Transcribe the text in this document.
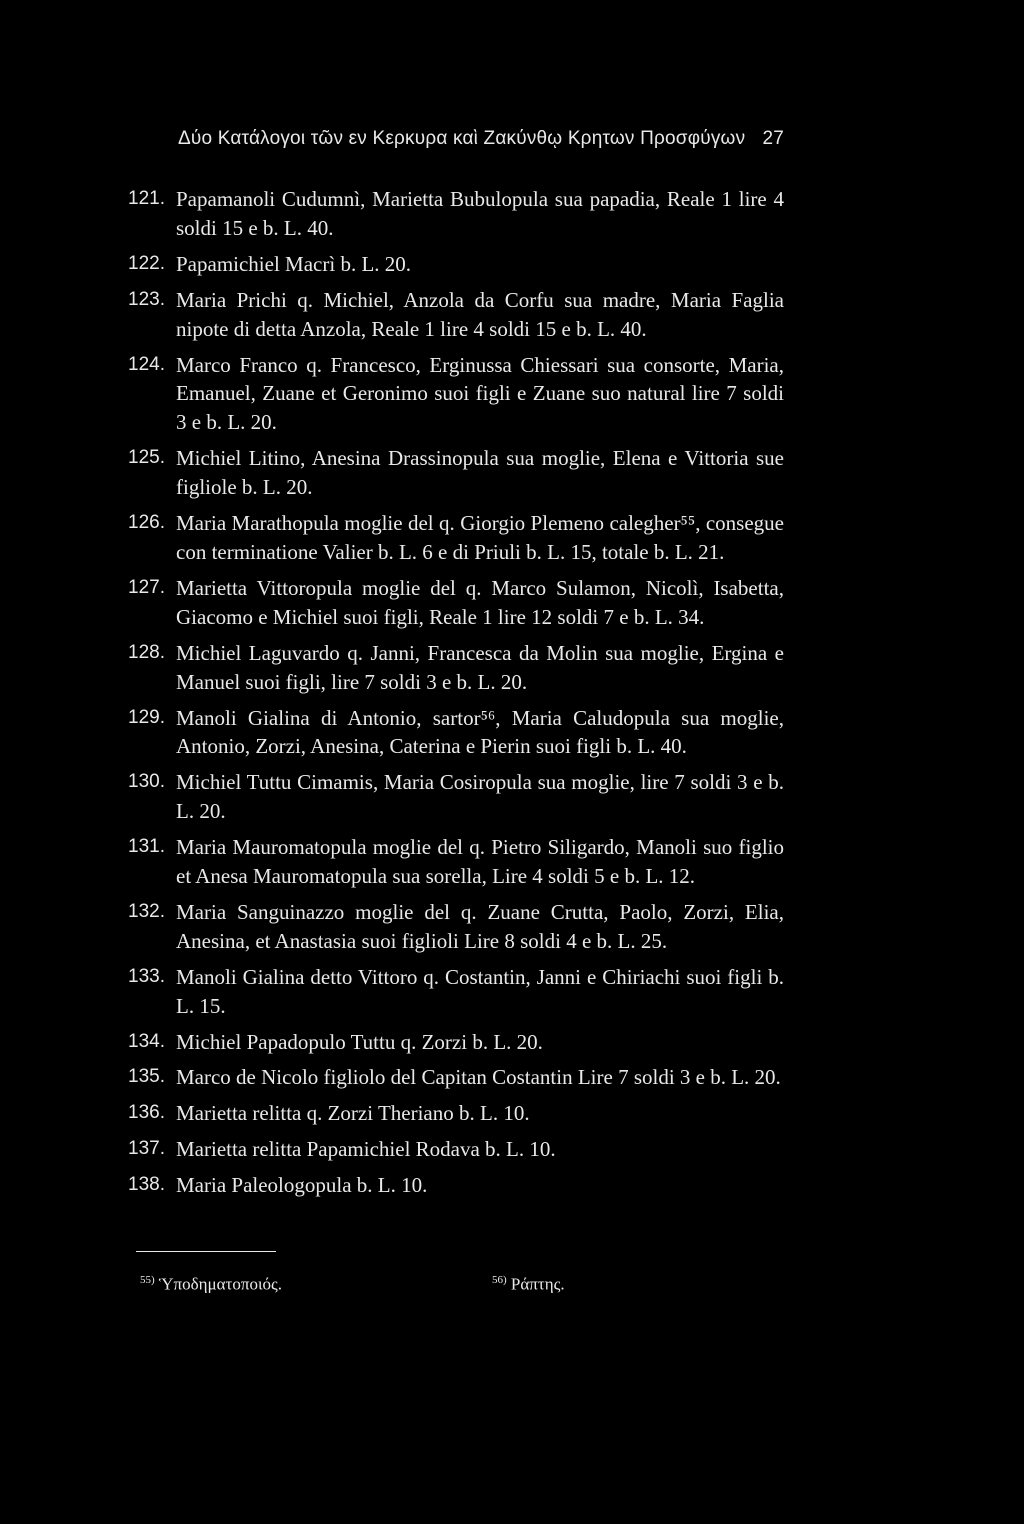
Δύο Κατάλογοι τῶν εν Κερκυρα καὶ Ζακύνθῳ Κρητων Προσφύγων 27
121. Papamanoli Cudumnì, Marietta Bubulopula sua papadia, Reale 1 lire 4 soldi 15 e b. L. 40.
122. Papamichiel Macrì b. L. 20.
123. Maria Prichi q. Michiel, Anzola da Corfu sua madre, Maria Faglia nipote di detta Anzola, Reale 1 lire 4 soldi 15 e b. L. 40.
124. Marco Franco q. Francesco, Erginussa Chiessari sua consorte, Maria, Emanuel, Zuane et Geronimo suoi figli e Zuane suo natural lire 7 soldi 3 e b. L. 20.
125. Michiel Litino, Anesina Drassinopula sua moglie, Elena e Vittoria sue figliole b. L. 20.
126. Maria Marathopula moglie del q. Giorgio Plemeno calegher⁵⁵, consegue con terminatione Valier b. L. 6 e di Priuli b. L. 15, totale b. L. 21.
127. Marietta Vittoropula moglie del q. Marco Sulamon, Nicolì, Isabetta, Giacomo e Michiel suoi figli, Reale 1 lire 12 soldi 7 e b. L. 34.
128. Michiel Laguvardo q. Janni, Francesca da Molin sua moglie, Ergina e Manuel suoi figli, lire 7 soldi 3 e b. L. 20.
129. Manoli Gialina di Antonio, sartor⁵⁶, Maria Caludopula sua moglie, Antonio, Zorzi, Anesina, Caterina e Pierin suoi figli b. L. 40.
130. Michiel Tuttu Cimamis, Maria Cosiropula sua moglie, lire 7 soldi 3 e b. L. 20.
131. Maria Mauromatopula moglie del q. Pietro Siligardo, Manoli suo figlio et Anesa Mauromatopula sua sorella, Lire 4 soldi 5 e b. L. 12.
132. Maria Sanguinazzo moglie del q. Zuane Crutta, Paolo, Zorzi, Elia, Anesina, et Anastasia suoi figlioli Lire 8 soldi 4 e b. L. 25.
133. Manoli Gialina detto Vittoro q. Costantin, Janni e Chiriachi suoi figli b. L. 15.
134. Michiel Papadopulo Tuttu q. Zorzi b. L. 20.
135. Marco de Nicolo figliolo del Capitan Costantin Lire 7 soldi 3 e b. L. 20.
136. Marietta relitta q. Zorzi Theriano b. L. 10.
137. Marietta relitta Papamichiel Rodava b. L. 10.
138. Maria Paleologopula b. L. 10.
$^{55)}$ Ὑποδηματοποιός.	$^{56)}$ Ράπτης.
